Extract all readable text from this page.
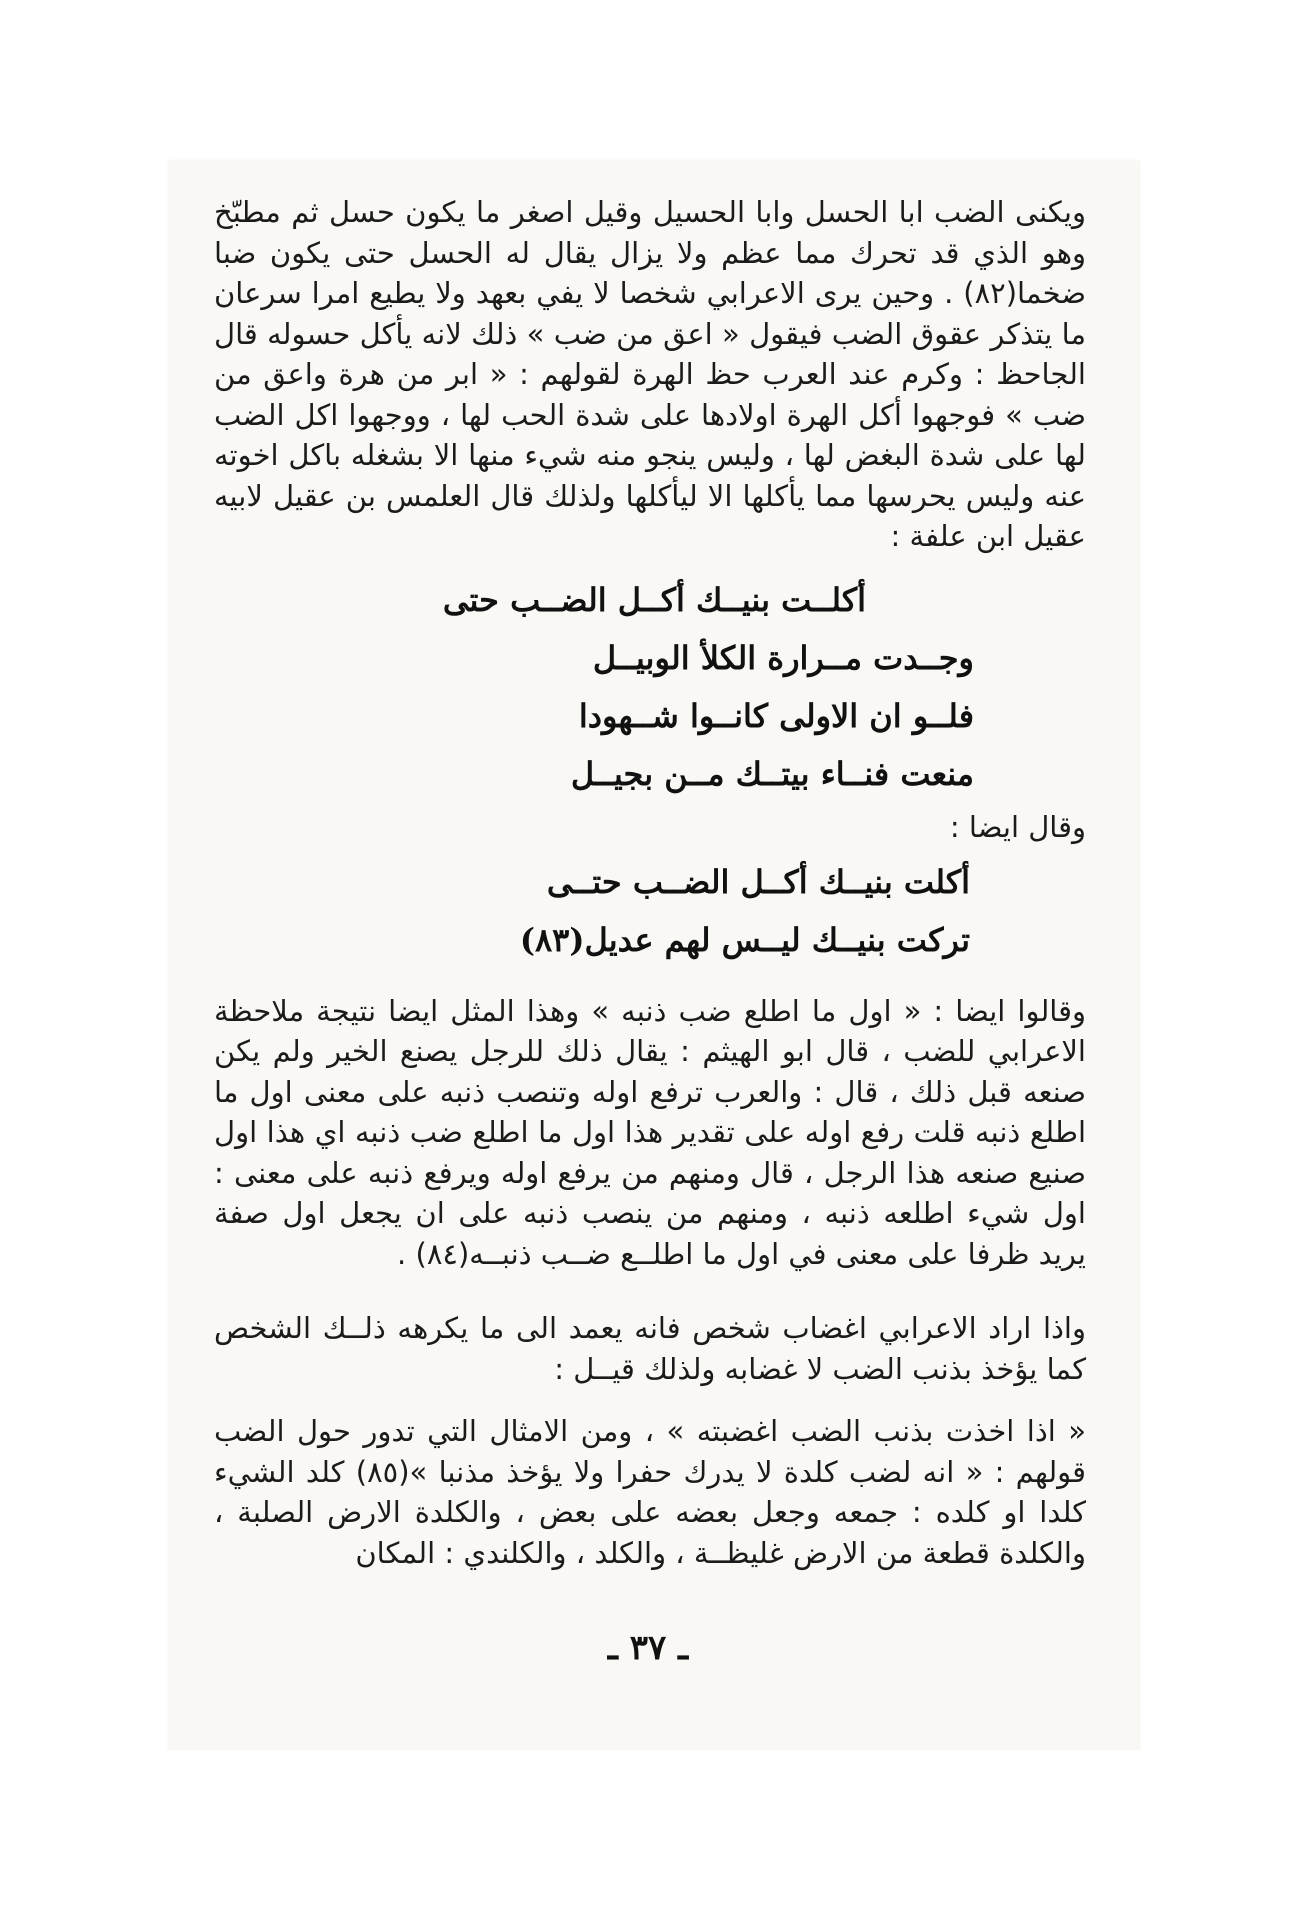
ويكنى الضب ابا الحسل وابا الحسيل وقيل اصغر ما يكون حسل ثم مطبّخ وهو الذي قد تحرك مما عظم ولا يزال يقال له الحسل حتى يكون ضبا ضخما(٨٢) . وحين يرى الاعرابي شخصا لا يفي بعهد ولا يطيع امرا سرعان ما يتذكر عقوق الضب فيقول « اعق من ضب » ذلك لانه يأكل حسوله قال الجاحظ : وكرم عند العرب حظ الهرة لقولهم : « ابر من هرة واعق من ضب » فوجهوا أكل الهرة اولادها على شدة الحب لها ، ووجهوا اكل الضب لها على شدة البغض لها ، وليس ينجو منه شيء منها الا بشغله باكل اخوته عنه وليس يحرسها مما يأكلها الا ليأكلها ولذلك قال العلمس بن عقيل لابيه عقيل ابن علفة :

أكلــت بنيــك أكــل الضــب حتى
وجــدت مــرارة الكلأ الوبيــل
فلــو ان الاولى كانــوا شــهودا
منعت فنــاء بيتــك مــن بجيــل

وقال ايضا :

أكلت بنيــك أكــل الضــب حتــى
تركت بنيــك ليــس لهم عديل(٨٣)

وقالوا ايضا : « اول ما اطلع ضب ذنبه » وهذا المثل ايضا نتيجة ملاحظة الاعرابي للضب ، قال ابو الهيثم : يقال ذلك للرجل يصنع الخير ولم يكن صنعه قبل ذلك ، قال : والعرب ترفع اوله وتنصب ذنبه على معنى اول ما اطلع ذنبه قلت رفع اوله على تقدير هذا اول ما اطلع ضب ذنبه اي هذا اول صنيع صنعه هذا الرجل ، قال ومنهم من يرفع اوله ويرفع ذنبه على معنى : اول شيء اطلعه ذنبه ، ومنهم من ينصب ذنبه على ان يجعل اول صفة يريد ظرفا على معنى في اول ما اطلــع ضــب ذنبــه(٨٤) .

واذا اراد الاعرابي اغضاب شخص فانه يعمد الى ما يكرهه ذلــك الشخص كما يؤخذ بذنب الضب لا غضابه ولذلك قيــل :

« اذا اخذت بذنب الضب اغضبته » ، ومن الامثال التي تدور حول الضب قولهم : « انه لضب كلدة لا يدرك حفرا ولا يؤخذ مذنبا »(٨٥) كلد الشيء كلدا او كلده : جمعه وجعل بعضه على بعض ، والكلدة الارض الصلبة ، والكلدة قطعة من الارض غليظــة ، والكلد ، والكلندي : المكان

ـ ٣٧ ـ
